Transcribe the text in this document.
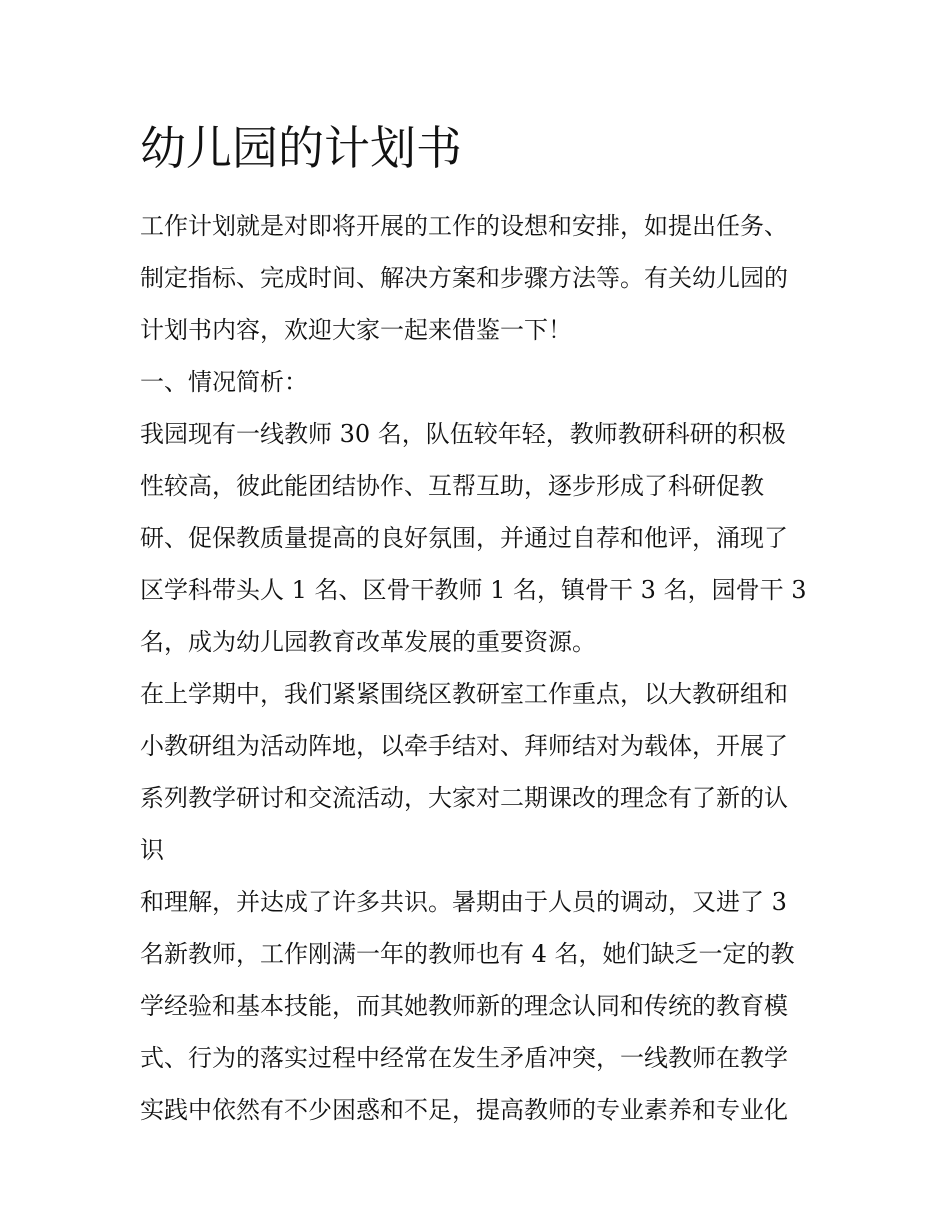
幼儿园的计划书
工作计划就是对即将开展的工作的设想和安排，如提出任务、
制定指标、完成时间、解决方案和步骤方法等。有关幼儿园的
计划书内容，欢迎大家一起来借鉴一下！
一、情况简析：
我园现有一线教师 30 名，队伍较年轻，教师教研科研的积极
性较高，彼此能团结协作、互帮互助，逐步形成了科研促教
研、促保教质量提高的良好氛围，并通过自荐和他评，涌现了
区学科带头人 1 名、区骨干教师 1 名，镇骨干 3 名，园骨干 3
名，成为幼儿园教育改革发展的重要资源。
在上学期中，我们紧紧围绕区教研室工作重点，以大教研组和
小教研组为活动阵地，以牵手结对、拜师结对为载体，开展了
系列教学研讨和交流活动，大家对二期课改的理念有了新的认
识
和理解，并达成了许多共识。暑期由于人员的调动，又进了 3
名新教师，工作刚满一年的教师也有 4 名，她们缺乏一定的教
学经验和基本技能，而其她教师新的理念认同和传统的教育模
式、行为的落实过程中经常在发生矛盾冲突，一线教师在教学
实践中依然有不少困惑和不足，提高教师的专业素养和专业化
